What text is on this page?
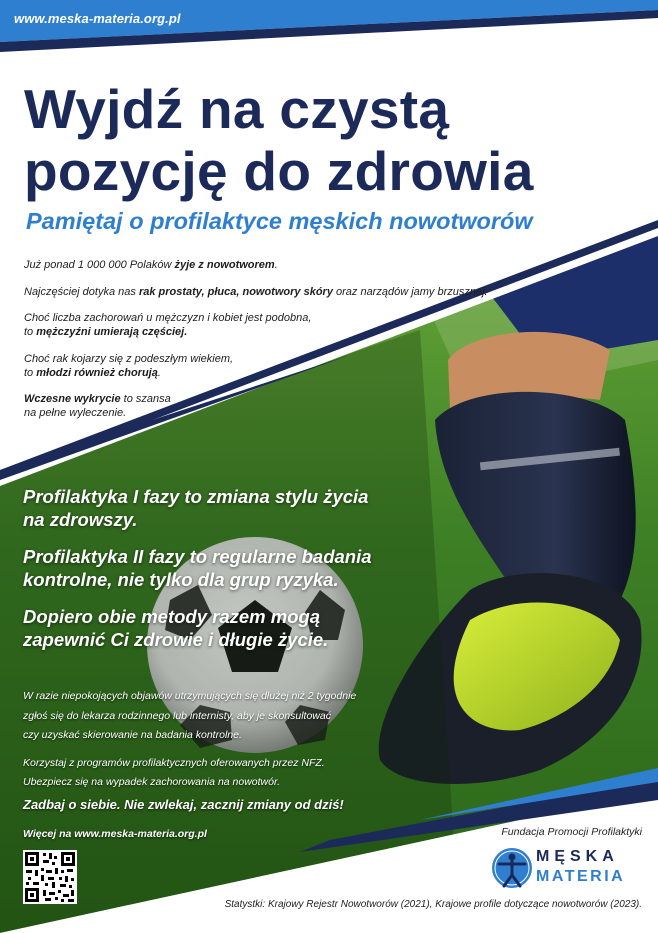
www.meska-materia.org.pl
Wyjdź na czystą
pozycję do zdrowia
Pamiętaj o profilaktyce męskich nowotworów

Już ponad 1 000 000 Polaków żyje z nowotworem.

Najczęściej dotyka nas rak prostaty, płuca, nowotwory skóry oraz narządów jamy brzusznej.

Choć liczba zachorowań u mężczyzn i kobiet jest podobna,
to mężczyźni umierają częściej.

Choć rak kojarzy się z podeszłym wiekiem,
to młodzi również chorują.

Wczesne wykrycie to szansa
na pełne wyleczenie.

Profilaktyka I fazy to zmiana stylu życia
na zdrowszy.

Profilaktyka II fazy to regularne badania
kontrolne, nie tylko dla grup ryzyka.

Dopiero obie metody razem mogą
zapewnić Ci zdrowie i długie życie.

W razie niepokojących objawów utrzymujących się dłużej niż 2 tygodnie
zgłoś się do lekarza rodzinnego lub internisty, aby je skonsultować
czy uzyskać skierowanie na badania kontrolne.

Korzystaj z programów profilaktycznych oferowanych przez NFZ.
Ubezpiecz się na wypadek zachorowania na nowotwór.

Zadbaj o siebie. Nie zwlekaj, zacznij zmiany od dziś!
Więcej na www.meska-materia.org.pl	Fundacja Promocji Profilaktyki
MĘSKA
MATERIA
Statystki: Krajowy Rejestr Nowotworów (2021), Krajowe profile dotyczące nowotworów (2023).
